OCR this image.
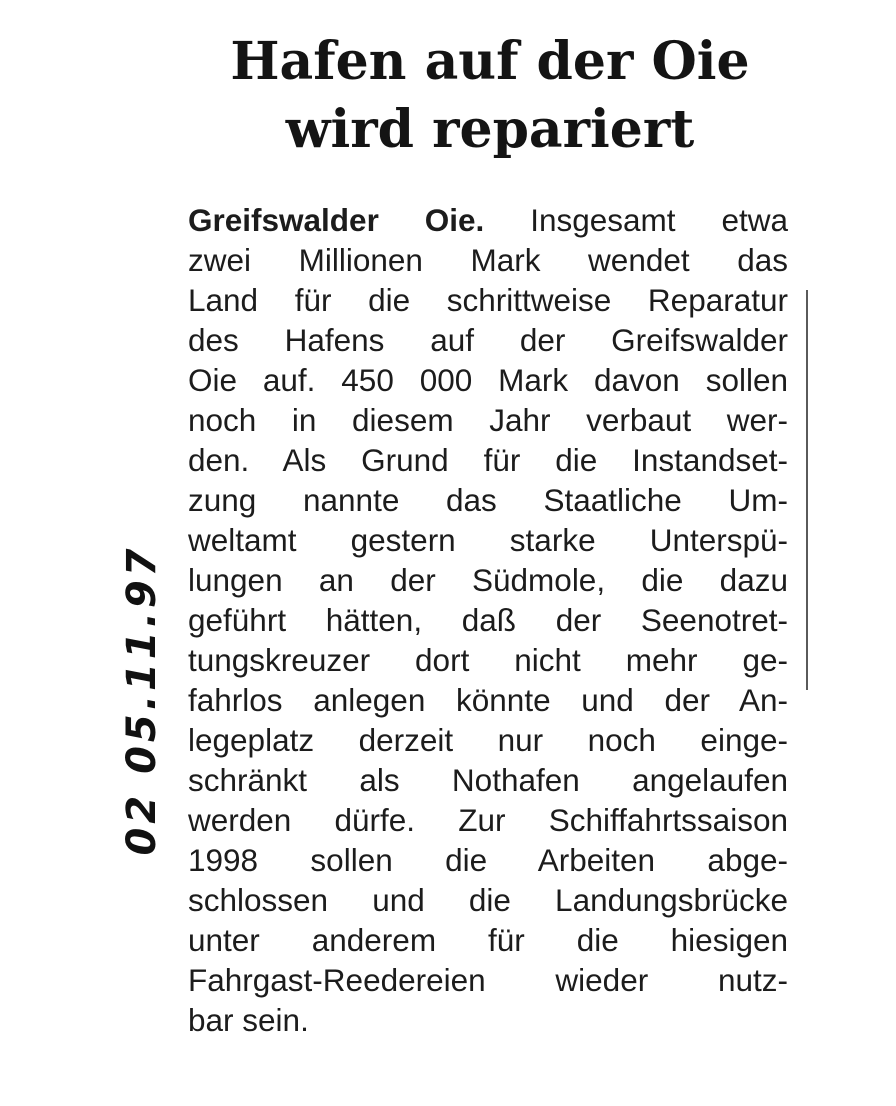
Hafen auf der Oie
wird repariert
02 05.11.97
Greifswalder Oie. Insgesamt etwa
zwei Millionen Mark wendet das
Land für die schrittweise Reparatur
des Hafens auf der Greifswalder
Oie auf. 450 000 Mark davon sollen
noch in diesem Jahr verbaut wer-
den. Als Grund für die Instandset-
zung nannte das Staatliche Um-
weltamt gestern starke Unterspü-
lungen an der Südmole, die dazu
geführt hätten, daß der Seenotret-
tungskreuzer dort nicht mehr ge-
fahrlos anlegen könnte und der An-
legeplatz derzeit nur noch einge-
schränkt als Nothafen angelaufen
werden dürfe. Zur Schiffahrtssaison
1998 sollen die Arbeiten abge-
schlossen und die Landungsbrücke
unter anderem für die hiesigen
Fahrgast-Reedereien wieder nutz-
bar sein.
